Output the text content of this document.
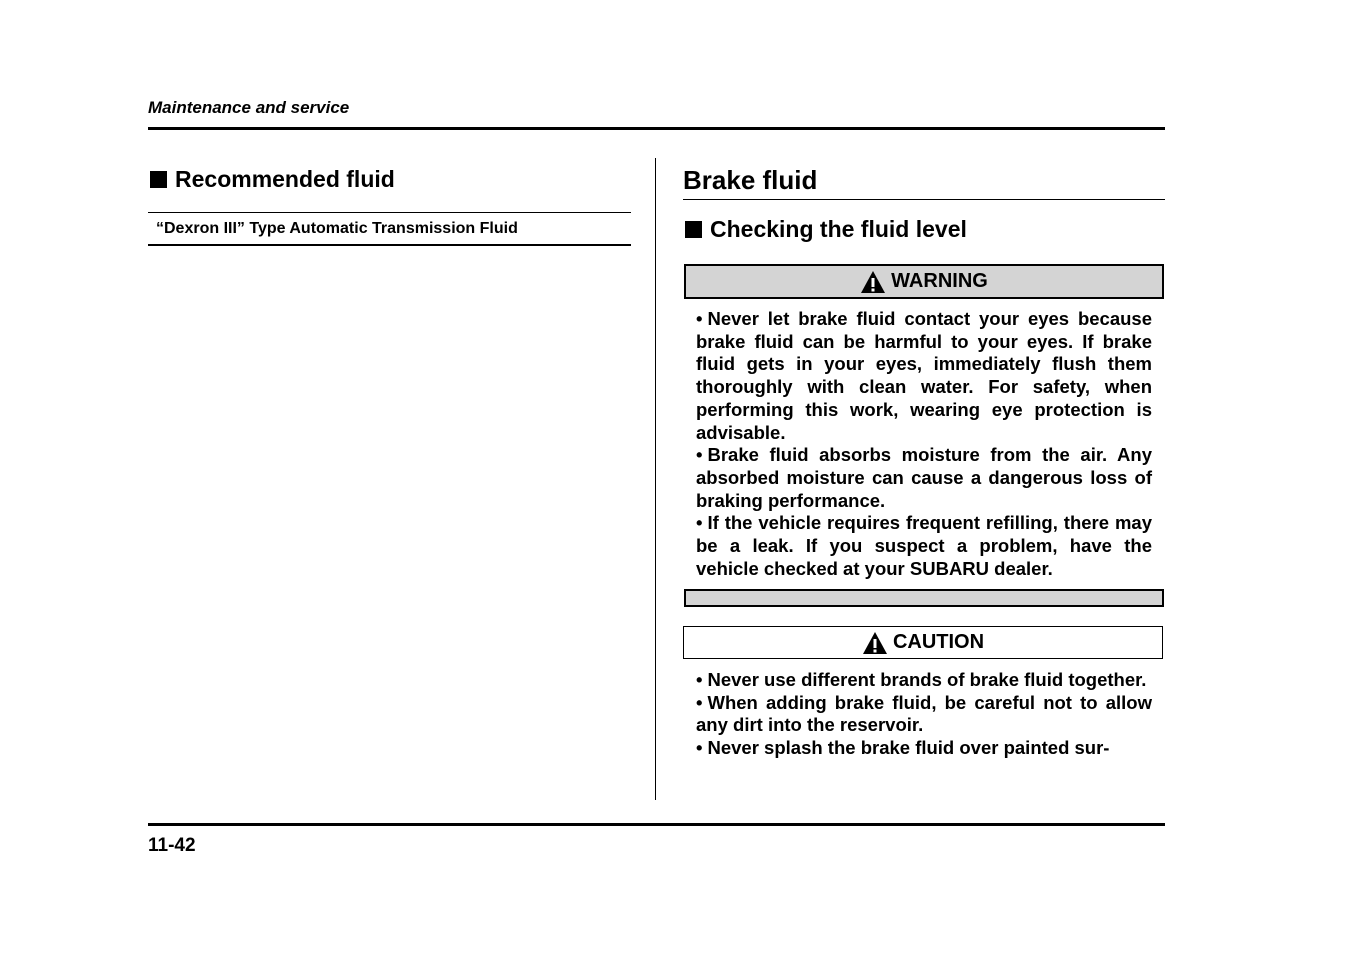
Maintenance and service
Recommended fluid
“Dexron III” Type Automatic Transmission Fluid
Brake fluid
Checking the fluid level
WARNING

• Never let brake fluid contact your eyes because brake fluid can be harmful to your eyes. If brake fluid gets in your eyes, immediately flush them thoroughly with clean water. For safety, when performing this work, wearing eye protection is advisable.

• Brake fluid absorbs moisture from the air. Any absorbed moisture can cause a dangerous loss of braking performance.

• If the vehicle requires frequent refilling, there may be a leak. If you suspect a problem, have the vehicle checked at your SUBARU dealer.

CAUTION

• Never use different brands of brake fluid together.

• When adding brake fluid, be careful not to allow any dirt into the reservoir.

• Never splash the brake fluid over painted sur-

11-42
